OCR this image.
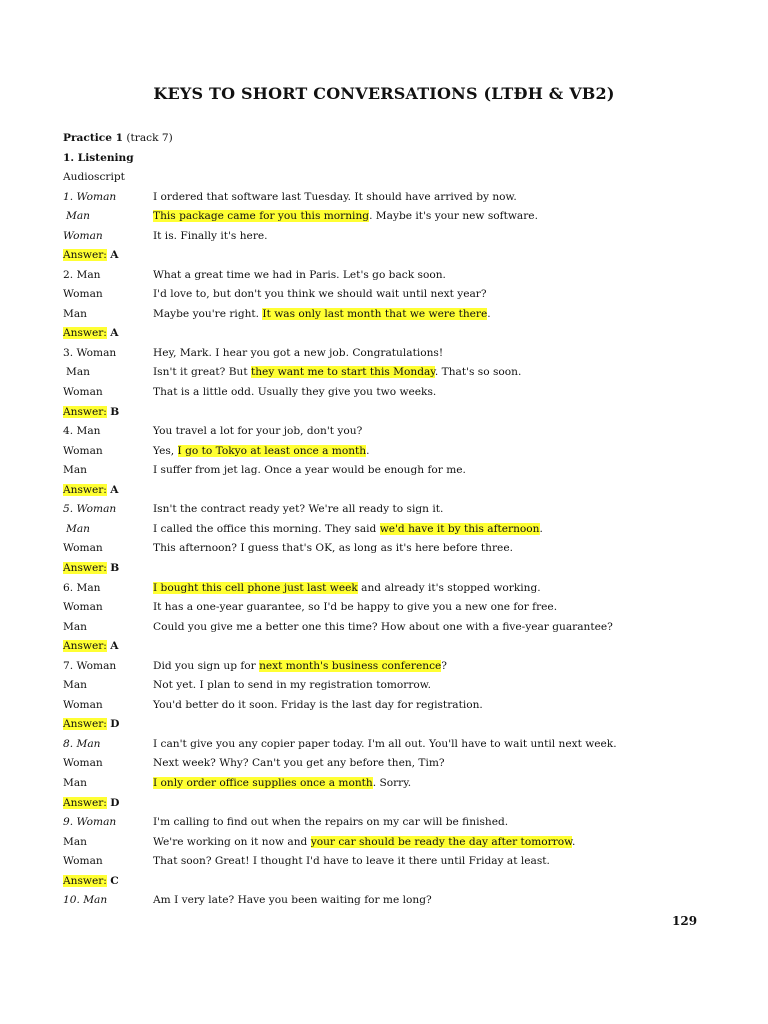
KEYS TO SHORT CONVERSATIONS (LTĐH & VB2)
Practice 1 (track 7)
1. Listening
Audioscript
1. Woman	I ordered that software last Tuesday. It should have arrived by now.
Man	This package came for you this morning. Maybe it's your new software.
Woman	It is. Finally it's here.
Answer: A
2. Man	What a great time we had in Paris. Let's go back soon.
Woman	I'd love to, but don't you think we should wait until next year?
Man	Maybe you're right. It was only last month that we were there.
Answer: A
3. Woman	Hey, Mark. I hear you got a new job. Congratulations!
Man	Isn't it great? But they want me to start this Monday. That's so soon.
Woman	That is a little odd. Usually they give you two weeks.
Answer: B
4. Man	You travel a lot for your job, don't you?
Woman	Yes, I go to Tokyo at least once a month.
Man	I suffer from jet lag. Once a year would be enough for me.
Answer: A
5. Woman	Isn't the contract ready yet? We're all ready to sign it.
Man	I called the office this morning. They said we'd have it by this afternoon.
Woman	This afternoon? I guess that's OK, as long as it's here before three.
Answer: B
6. Man	I bought this cell phone just last week and already it's stopped working.
Woman	It has a one-year guarantee, so I'd be happy to give you a new one for free.
Man	Could you give me a better one this time? How about one with a five-year guarantee?
Answer: A
7. Woman	Did you sign up for next month's business conference?
Man	Not yet. I plan to send in my registration tomorrow.
Woman	You'd better do it soon. Friday is the last day for registration.
Answer: D
8. Man	I can't give you any copier paper today. I'm all out. You'll have to wait until next week.
Woman	Next week? Why? Can't you get any before then, Tim?
Man	I only order office supplies once a month. Sorry.
Answer: D
9. Woman	I'm calling to find out when the repairs on my car will be finished.
Man	We're working on it now and your car should be ready the day after tomorrow.
Woman	That soon? Great! I thought I'd have to leave it there until Friday at least.
Answer: C
10. Man	Am I very late? Have you been waiting for me long?
129
